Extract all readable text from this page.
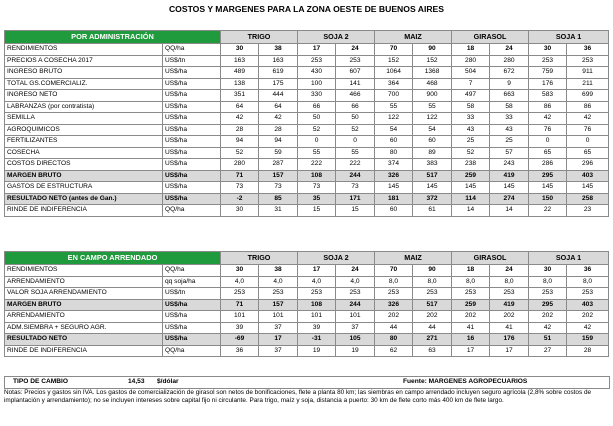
COSTOS Y MARGENES PARA LA ZONA OESTE DE BUENOS AIRES
POR ADMINISTRACIÓN		TRIGO		SOJA 2		MAIZ		GIRASOL		SOJA 1	
RENDIMIENTOS	QQ/ha	30	38	17	24	70	90	18	24	30	36
PRECIOS A COSECHA 2017	US$/tn	163	163	253	253	152	152	280	280	253	253
INGRESO BRUTO	US$/ha	489	619	430	607	1064	1368	504	672	759	911
TOTAL GS.COMERCIALIZ.	US$/ha	138	175	100	141	364	468	7	9	176	211
INGRESO NETO	US$/ha	351	444	330	466	700	900	497	663	583	699
LABRANZAS (por contratista)	US$/ha	64	64	66	66	55	55	58	58	86	86
SEMILLA	US$/ha	42	42	50	50	122	122	33	33	42	42
AGROQUIMICOS	US$/ha	28	28	52	52	54	54	43	43	76	76
FERTILIZANTES	US$/ha	94	94	0	0	60	60	25	25	0	0
COSECHA	US$/ha	52	59	55	55	80	89	52	57	65	65
COSTOS DIRECTOS	US$/ha	280	287	222	222	374	383	238	243	286	296
MARGEN BRUTO	US$/ha	71	157	108	244	326	517	259	419	295	403
GASTOS DE ESTRUCTURA	US$/ha	73	73	73	73	145	145	145	145	145	145
RESULTADO NETO (antes de Gan.)	US$/ha	-2	85	35	171	181	372	114	274	150	258
RINDE DE INDIFERENCIA	QQ/ha	30	31	15	15	60	61	14	14	22	23
EN CAMPO ARRENDADO		TRIGO		SOJA 2		MAIZ		GIRASOL		SOJA 1	
RENDIMIENTOS	QQ/ha	30	38	17	24	70	90	18	24	30	36
ARRENDAMIENTO	qq soja/ha	4,0	4,0	4,0	4,0	8,0	8,0	8,0	8,0	8,0	8,0
VALOR SOJA ARRENDAMIENTO	US$/tn	253	253	253	253	253	253	253	253	253	253
MARGEN BRUTO	US$/ha	71	157	108	244	326	517	259	419	295	403
ARRENDAMIENTO	US$/ha	101	101	101	101	202	202	202	202	202	202
ADM.SIEMBRA + SEGURO AGR.	US$/ha	39	37	39	37	44	44	41	41	42	42
RESULTADO NETO	US$/ha	-69	17	-31	105	80	271	16	176	51	159
RINDE DE INDIFERENCIA	QQ/ha	36	37	19	19	62	63	17	17	27	28
TIPO DE CAMBIO	14,53 $/dólar	Fuente: MARGENES AGROPECUARIOS
Notas: Precios y gastos sin IVA. Los gastos de comercialización de girasol son netos de bonificaciones, flete a planta 80 km; las siembras en campo arrendado incluyen seguro agrícola (2,8% sobre costos de implantación y arrendamiento); no se incluyen intereses sobre capital fijo ni circulante. Para trigo, maíz y soja, distancia a puerto: 30 km de flete corto más 400 km de flete largo.
